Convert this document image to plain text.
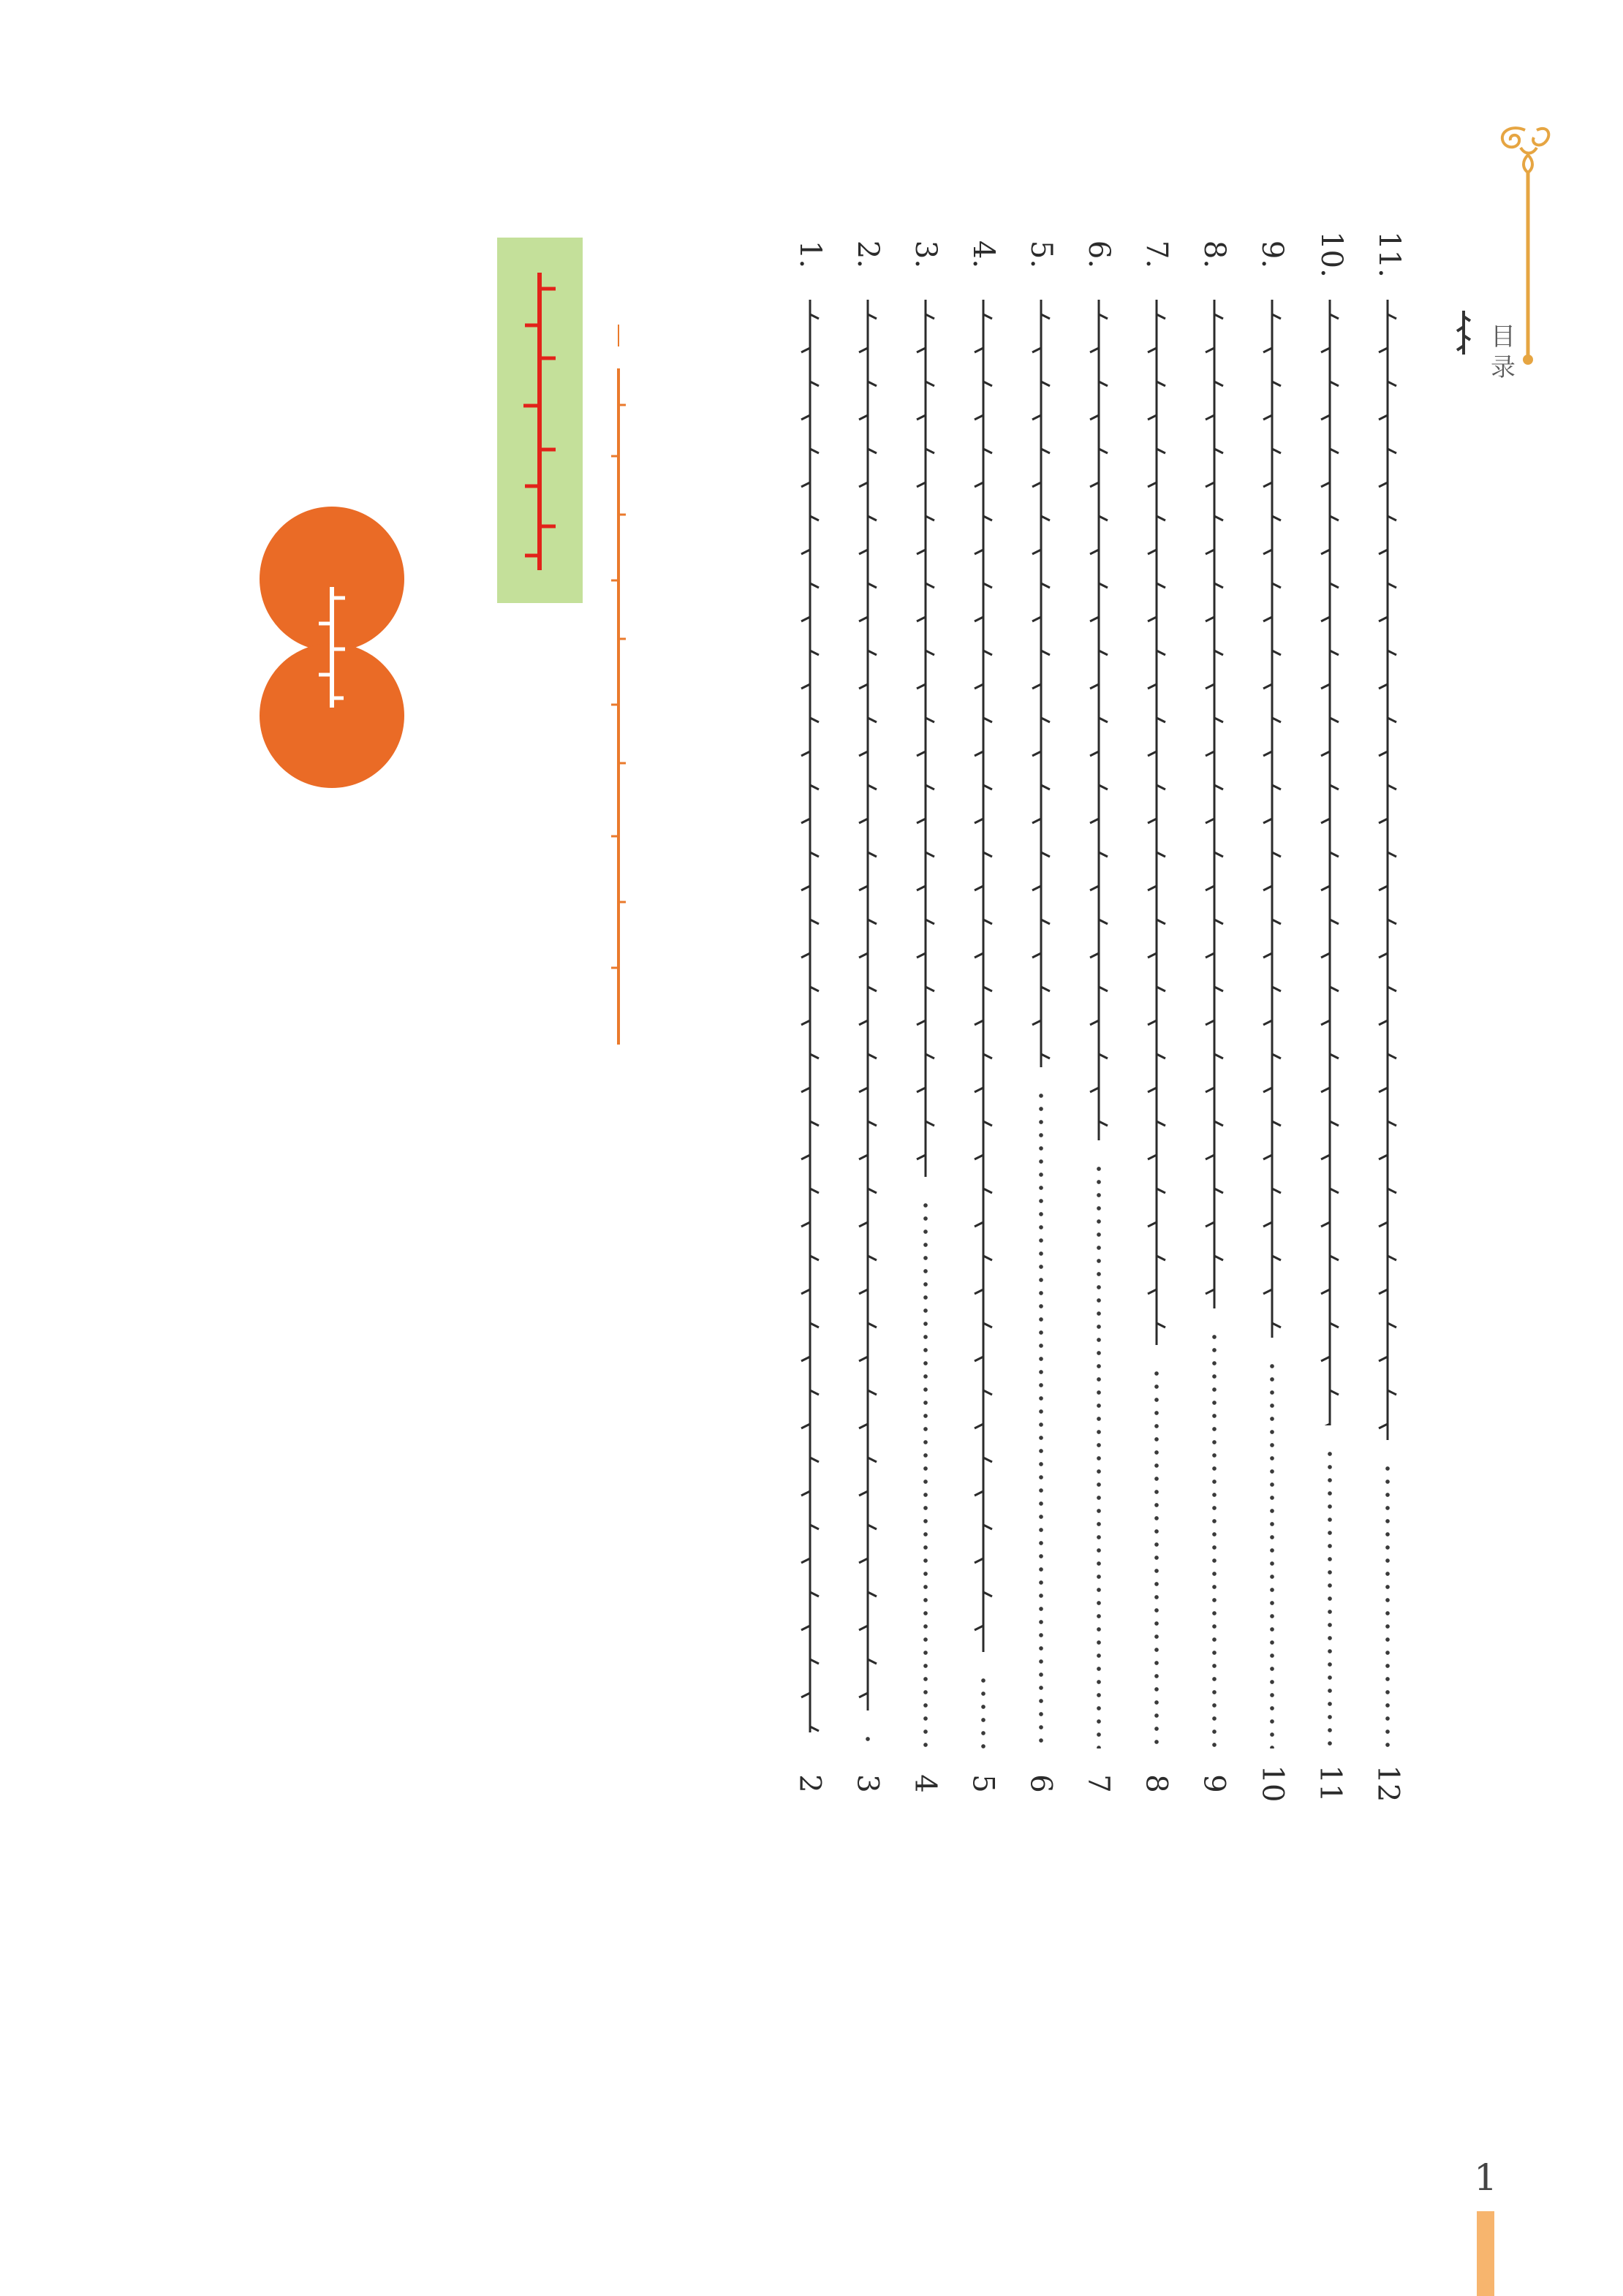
目录
11.
12
10.
11
9.
10
8.
9
7.
8
6.
7
5.
6
4.
5
3.
4
2.
3
1.
2
1
